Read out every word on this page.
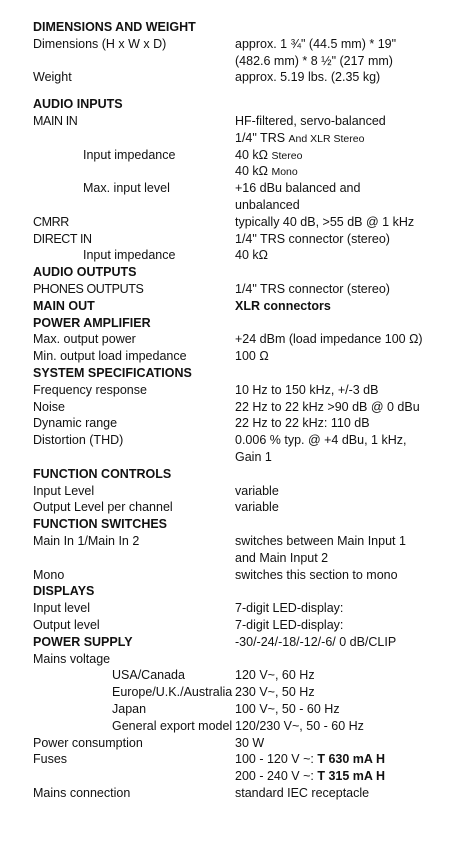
DIMENSIONS AND WEIGHT
Dimensions (H x W x D)	approx. 1 ¾" (44.5 mm) * 19"
(482.6 mm) * 8 ½" (217 mm)
Weight	approx. 5.19 lbs. (2.35 kg)
AUDIO INPUTS
MAIN IN	HF-filtered, servo-balanced
1/4" TRS And XLR Stereo
Input impedance	40 kΩ Stereo
40 kΩ Mono
Max. input level	+16 dBu balanced and
unbalanced
CMRR	typically 40 dB, >55 dB @ 1 kHz
DIRECT IN	1/4" TRS connector (stereo)
Input impedance	40 kΩ
AUDIO OUTPUTS
PHONES OUTPUTS	1/4" TRS connector (stereo)
MAIN OUT	XLR connectors
POWER AMPLIFIER
Max. output power	+24 dBm (load impedance 100 Ω)
Min. output load impedance	100 Ω
SYSTEM SPECIFICATIONS
Frequency response	10 Hz to 150 kHz, +/-3 dB
Noise	22 Hz to 22 kHz >90 dB @ 0 dBu
Dynamic range	22 Hz to 22 kHz: 110 dB
Distortion (THD)	0.006 % typ. @ +4 dBu, 1 kHz,
Gain 1
FUNCTION CONTROLS
Input Level	variable
Output Level per channel	variable
FUNCTION SWITCHES
Main In 1/Main In 2	switches between Main Input 1
and Main Input 2
Mono	switches this section to mono
DISPLAYS
Input level	7-digit LED-display:
Output level	7-digit LED-display:
POWER SUPPLY	-30/-24/-18/-12/-6/ 0 dB/CLIP
Mains voltage
USA/Canada	120 V~, 60 Hz
Europe/U.K./Australia 230 V~, 50 Hz
Japan	100 V~, 50 - 60 Hz
General export model 120/230 V~, 50 - 60 Hz
Power consumption	30 W
Fuses	100 - 120 V ~: T 630 mA H
200 - 240 V ~: T 315 mA H
Mains connection	standard IEC receptacle
